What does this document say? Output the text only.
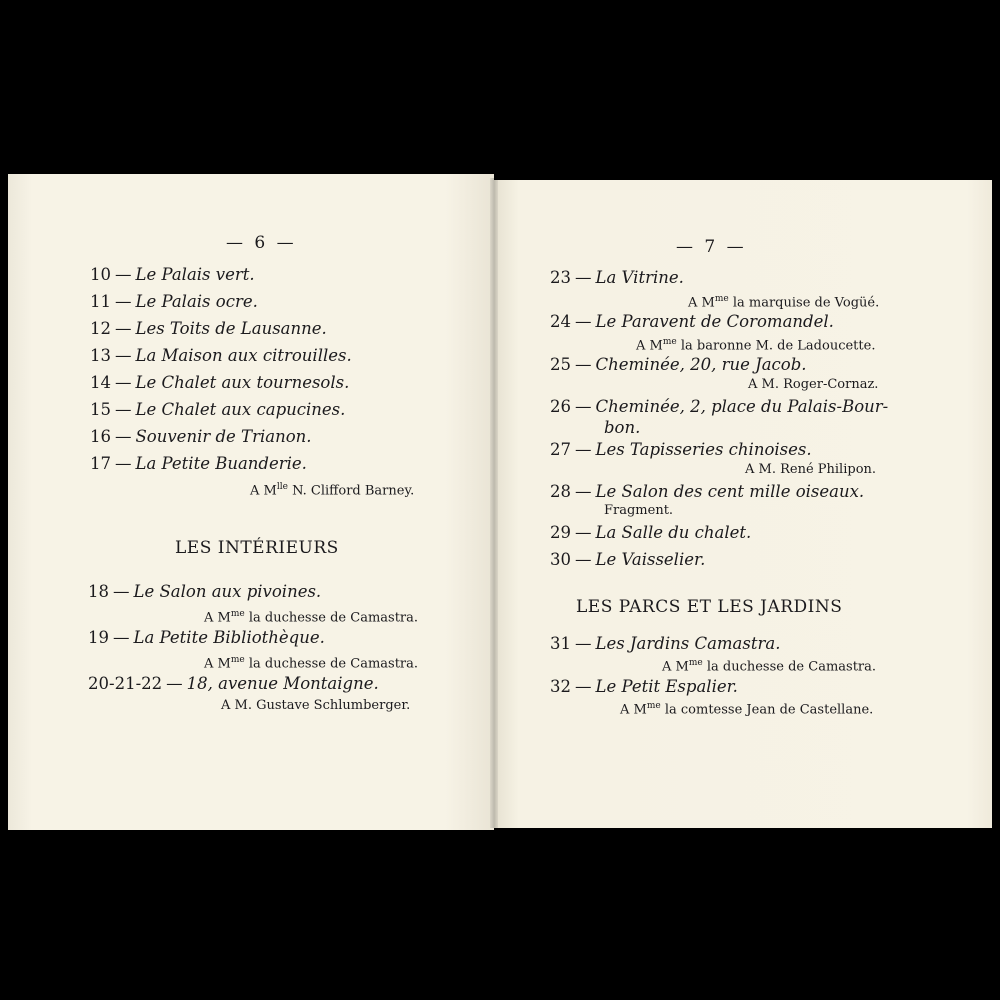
— 6 —
10 — Le Palais vert.
11 — Le Palais ocre.
12 — Les Toits de Lausanne.
13 — La Maison aux citrouilles.
14 — Le Chalet aux tournesols.
15 — Le Chalet aux capucines.
16 — Souvenir de Trianon.
17 — La Petite Buanderie.
A $M^{lle}$ N. Clifford Barney.
LES INTÉRIEURS
18 — Le Salon aux pivoines.
A $M^{me}$ la duchesse de Camastra.
19 — La Petite Bibliothèque.
A $M^{me}$ la duchesse de Camastra.
20-21-22 — 18, avenue Montaigne.
A M. Gustave Schlumberger.
— 7 —
23 — La Vitrine.
A $M^{me}$ la marquise de Vogüé.
24 — Le Paravent de Coromandel.
A $M^{me}$ la baronne M. de Ladoucette.
25 — Cheminée, 20, rue Jacob.
A M. Roger-Cornaz.
26 — Cheminée, 2, place du Palais-Bour-
bon.
27 — Les Tapisseries chinoises.
A M. René Philipon.
28 — Le Salon des cent mille oiseaux.
Fragment.
29 — La Salle du chalet.
30 — Le Vaisselier.
LES PARCS ET LES JARDINS
31 — Les Jardins Camastra.
A $M^{me}$ la duchesse de Camastra.
32 — Le Petit Espalier.
A $M^{me}$ la comtesse Jean de Castellane.
